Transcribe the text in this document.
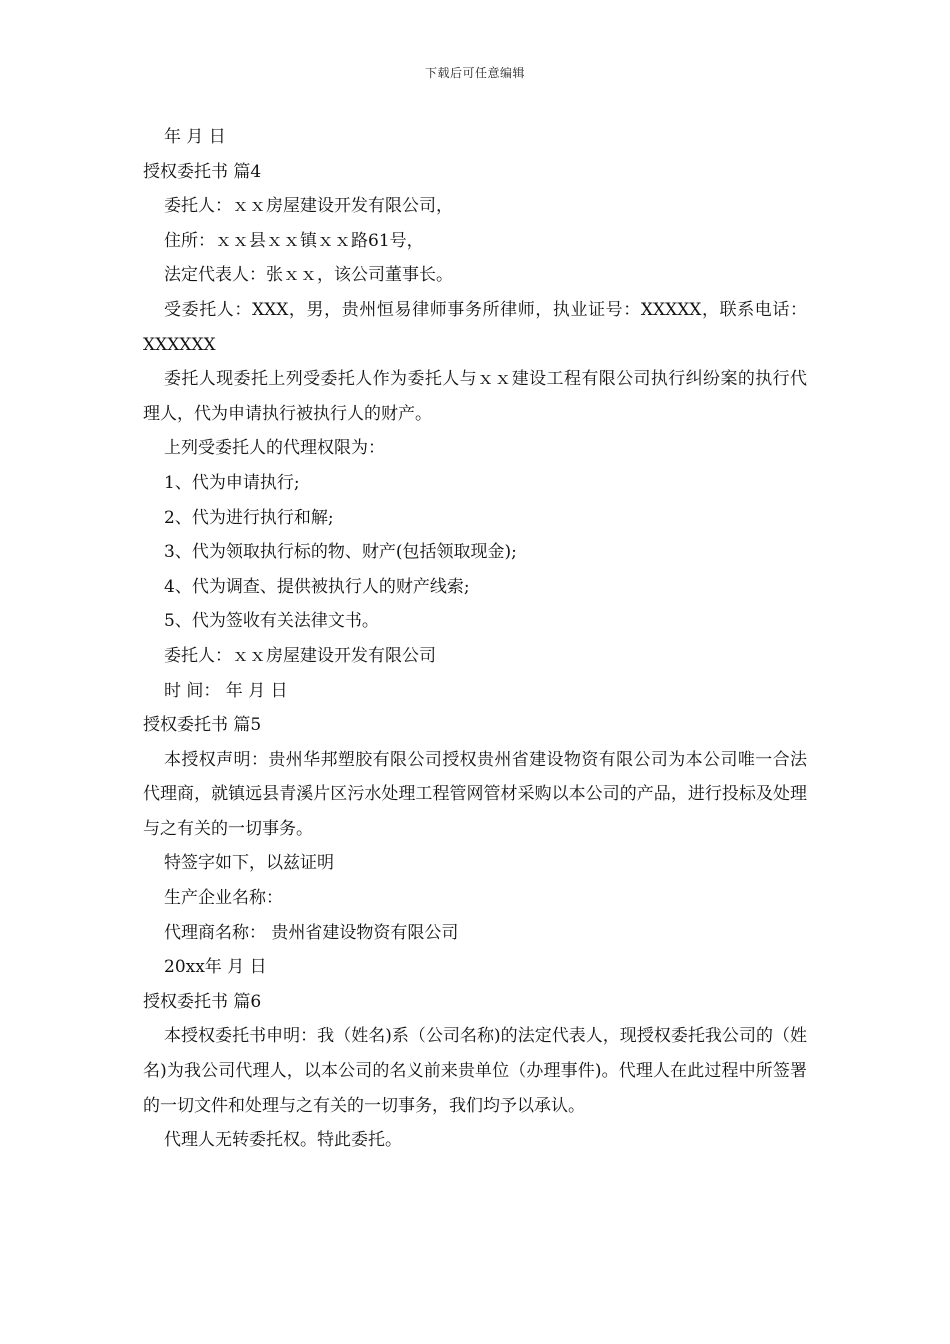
下载后可任意编辑

年 月 日

授权委托书 篇4

委托人：ｘｘ房屋建设开发有限公司，

住所：ｘｘ县ｘｘ镇ｘｘ路61号，

法定代表人：张ｘｘ，该公司董事长。

受委托人：XXX，男，贵州恒易律师事务所律师，执业证号：XXXXX，联系电话：XXXXXX

委托人现委托上列受委托人作为委托人与ｘｘ建设工程有限公司执行纠纷案的执行代理人，代为申请执行被执行人的财产。

上列受委托人的代理权限为：

1、代为申请执行;

2、代为进行执行和解;

3、代为领取执行标的物、财产(包括领取现金);

4、代为调查、提供被执行人的财产线索;

5、代为签收有关法律文书。

委托人：ｘｘ房屋建设开发有限公司

时 间： 年 月 日

授权委托书 篇5

本授权声明：贵州华邦塑胶有限公司授权贵州省建设物资有限公司为本公司唯一合法代理商，就镇远县青溪片区污水处理工程管网管材采购以本公司的产品，进行投标及处理与之有关的一切事务。

特签字如下，以兹证明

生产企业名称：

代理商名称： 贵州省建设物资有限公司

20xx年 月 日

授权委托书 篇6

本授权委托书申明：我（姓名)系（公司名称)的法定代表人，现授权委托我公司的（姓名)为我公司代理人，以本公司的名义前来贵单位（办理事件)。代理人在此过程中所签署的一切文件和处理与之有关的一切事务，我们均予以承认。

代理人无转委托权。特此委托。
